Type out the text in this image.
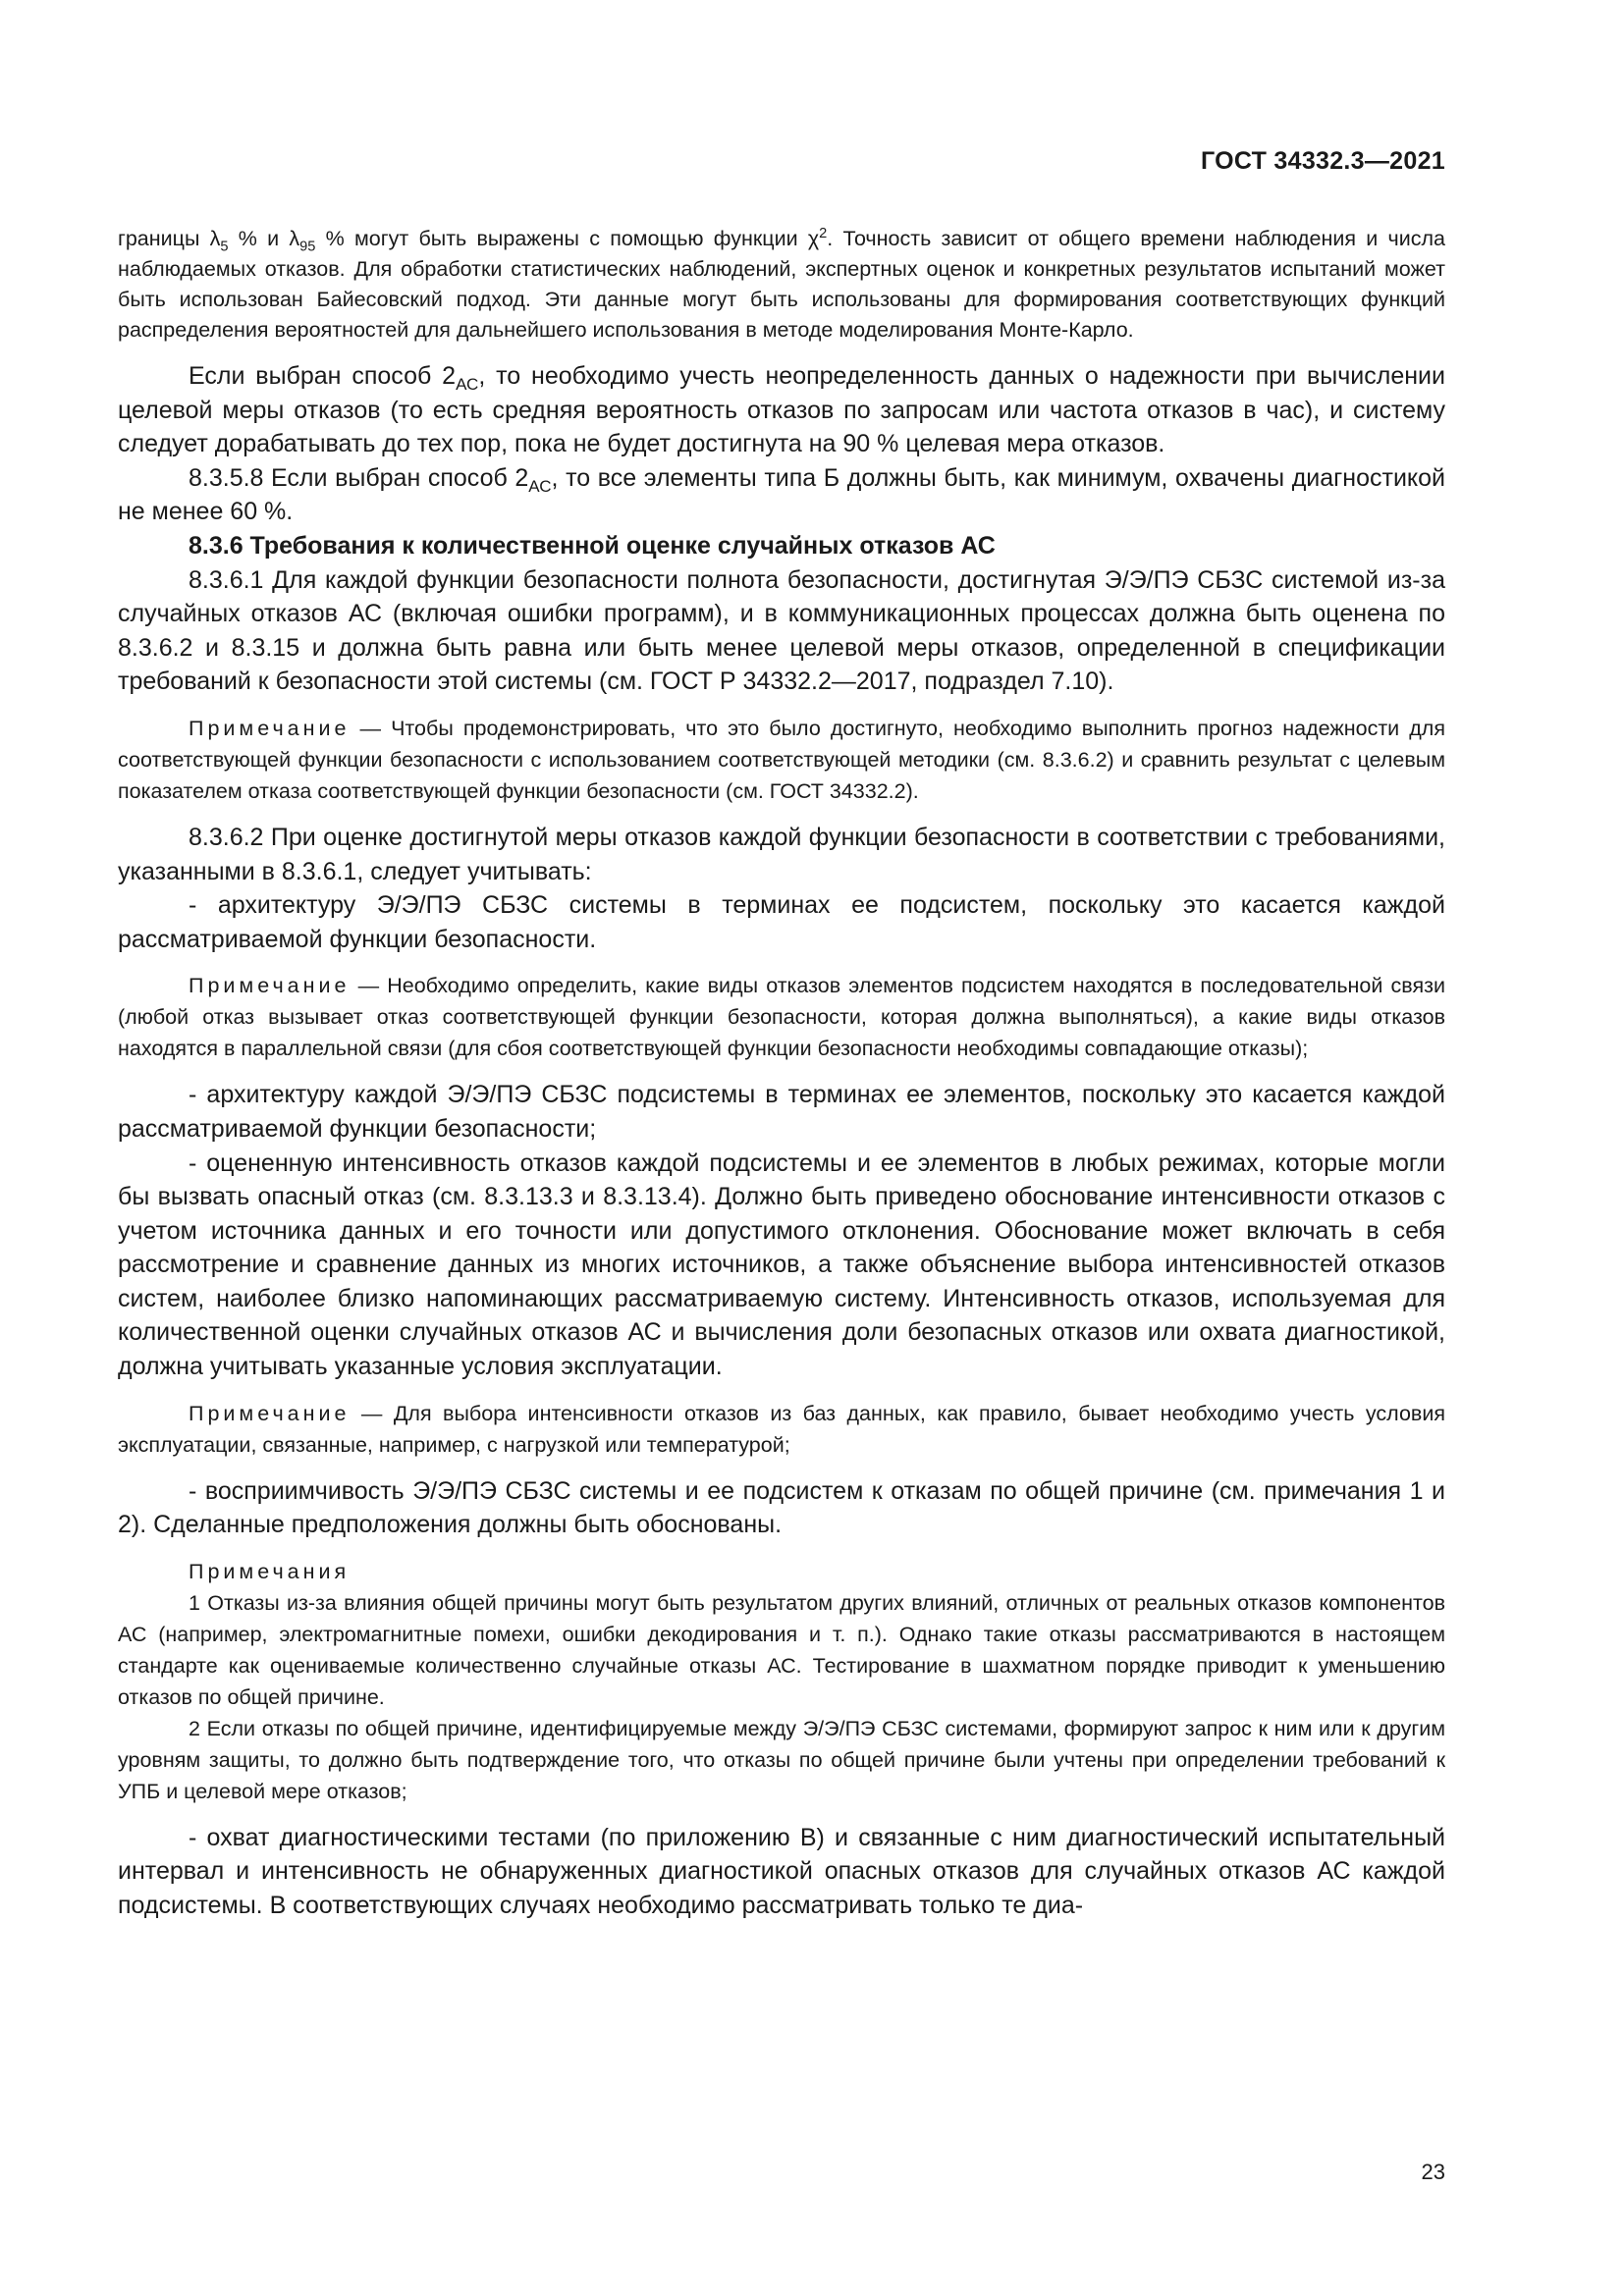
ГОСТ 34332.3—2021

границы $\lambda_5$ % и $\lambda_{95}$ % могут быть выражены с помощью функции $\chi^2$. Точность зависит от общего времени наблюдения и числа наблюдаемых отказов. Для обработки статистических наблюдений, экспертных оценок и конкретных результатов испытаний может быть использован Байесовский подход. Эти данные могут быть использованы для формирования соответствующих функций распределения вероятностей для дальнейшего использования в методе моделирования Монте-Карло.

Если выбран способ $2_{АС}$, то необходимо учесть неопределенность данных о надежности при вычислении целевой меры отказов (то есть средняя вероятность отказов по запросам или частота отказов в час), и систему следует дорабатывать до тех пор, пока не будет достигнута на 90 % целевая мера отказов.

8.3.5.8 Если выбран способ $2_{АС}$, то все элементы типа Б должны быть, как минимум, охвачены диагностикой не менее 60 %.

8.3.6 Требования к количественной оценке случайных отказов АС

8.3.6.1 Для каждой функции безопасности полнота безопасности, достигнутая Э/Э/ПЭ СБЗС системой из-за случайных отказов АС (включая ошибки программ), и в коммуникационных процессах должна быть оценена по 8.3.6.2 и 8.3.15 и должна быть равна или быть менее целевой меры отказов, определенной в спецификации требований к безопасности этой системы (см. ГОСТ Р 34332.2—2017, подраздел 7.10).

Примечание — Чтобы продемонстрировать, что это было достигнуто, необходимо выполнить прогноз надежности для соответствующей функции безопасности с использованием соответствующей методики (см. 8.3.6.2) и сравнить результат с целевым показателем отказа соответствующей функции безопасности (см. ГОСТ 34332.2).

8.3.6.2 При оценке достигнутой меры отказов каждой функции безопасности в соответствии с требованиями, указанными в 8.3.6.1, следует учитывать:

- архитектуру Э/Э/ПЭ СБЗС системы в терминах ее подсистем, поскольку это касается каждой рассматриваемой функции безопасности.

Примечание — Необходимо определить, какие виды отказов элементов подсистем находятся в последовательной связи (любой отказ вызывает отказ соответствующей функции безопасности, которая должна выполняться), а какие виды отказов находятся в параллельной связи (для сбоя соответствующей функции безопасности необходимы совпадающие отказы);

- архитектуру каждой Э/Э/ПЭ СБЗС подсистемы в терминах ее элементов, поскольку это касается каждой рассматриваемой функции безопасности;

- оцененную интенсивность отказов каждой подсистемы и ее элементов в любых режимах, которые могли бы вызвать опасный отказ (см. 8.3.13.3 и 8.3.13.4). Должно быть приведено обоснование интенсивности отказов с учетом источника данных и его точности или допустимого отклонения. Обоснование может включать в себя рассмотрение и сравнение данных из многих источников, а также объяснение выбора интенсивностей отказов систем, наиболее близко напоминающих рассматриваемую систему. Интенсивность отказов, используемая для количественной оценки случайных отказов АС и вычисления доли безопасных отказов или охвата диагностикой, должна учитывать указанные условия эксплуатации.

Примечание — Для выбора интенсивности отказов из баз данных, как правило, бывает необходимо учесть условия эксплуатации, связанные, например, с нагрузкой или температурой;

- восприимчивость Э/Э/ПЭ СБЗС системы и ее подсистем к отказам по общей причине (см. примечания 1 и 2). Сделанные предположения должны быть обоснованы.

Примечания

1 Отказы из-за влияния общей причины могут быть результатом других влияний, отличных от реальных отказов компонентов АС (например, электромагнитные помехи, ошибки декодирования и т. п.). Однако такие отказы рассматриваются в настоящем стандарте как оцениваемые количественно случайные отказы АС. Тестирование в шахматном порядке приводит к уменьшению отказов по общей причине.

2 Если отказы по общей причине, идентифицируемые между Э/Э/ПЭ СБЗС системами, формируют запрос к ним или к другим уровням защиты, то должно быть подтверждение того, что отказы по общей причине были учтены при определении требований к УПБ и целевой мере отказов;

- охват диагностическими тестами (по приложению В) и связанные с ним диагностический испытательный интервал и интенсивность не обнаруженных диагностикой опасных отказов для случайных отказов АС каждой подсистемы. В соответствующих случаях необходимо рассматривать только те диа-

23
